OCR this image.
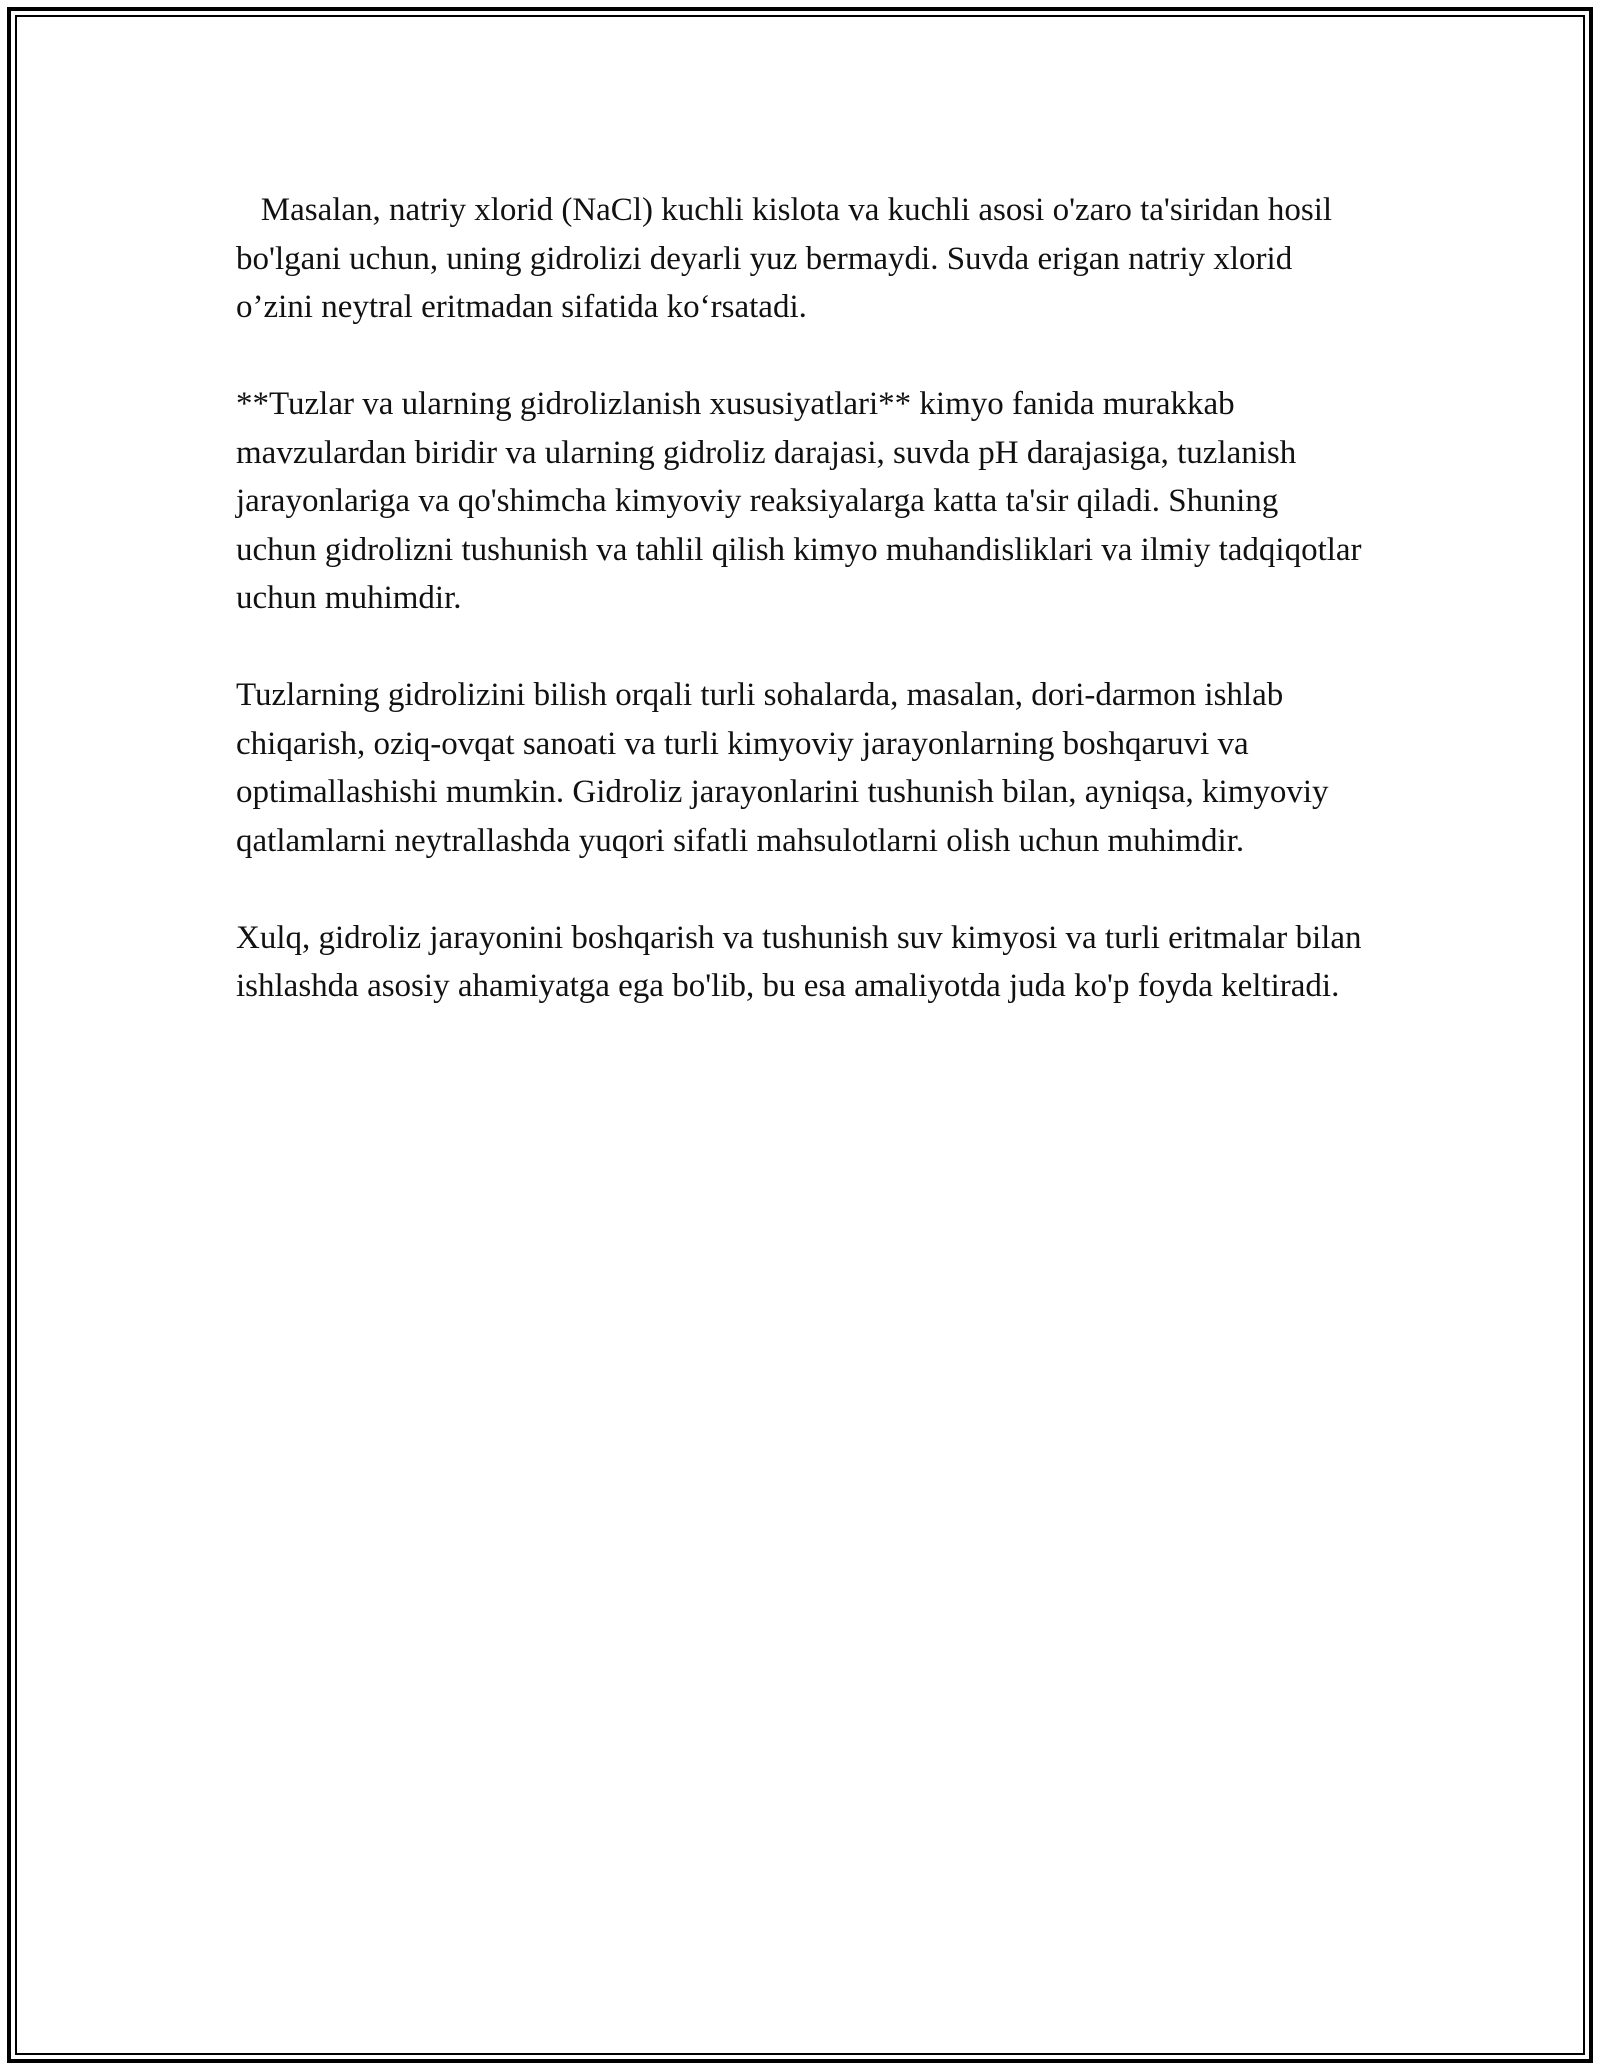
Masalan, natriy xlorid (NaCl) kuchli kislota va kuchli asosi o'zaro ta'siridan hosil bo'lgani uchun, uning gidrolizi deyarli yuz bermaydi. Suvda erigan natriy xlorid o’zini neytral eritmadan sifatida ko‘rsatadi.

**Tuzlar va ularning gidrolizlanish xususiyatlari** kimyo fanida murakkab mavzulardan biridir va ularning gidroliz darajasi, suvda pH darajasiga, tuzlanish jarayonlariga va qo'shimcha kimyoviy reaksiyalarga katta ta'sir qiladi. Shuning uchun gidrolizni tushunish va tahlil qilish kimyo muhandisliklari va ilmiy tadqiqotlar uchun muhimdir.

Tuzlarning gidrolizini bilish orqali turli sohalarda, masalan, dori-darmon ishlab chiqarish, oziq-ovqat sanoati va turli kimyoviy jarayonlarning boshqaruvi va optimallashishi mumkin. Gidroliz jarayonlarini tushunish bilan, ayniqsa, kimyoviy qatlamlarni neytrallashda yuqori sifatli mahsulotlarni olish uchun muhimdir.

Xulq, gidroliz jarayonini boshqarish va tushunish suv kimyosi va turli eritmalar bilan ishlashda asosiy ahamiyatga ega bo'lib, bu esa amaliyotda juda ko'p foyda keltiradi.
